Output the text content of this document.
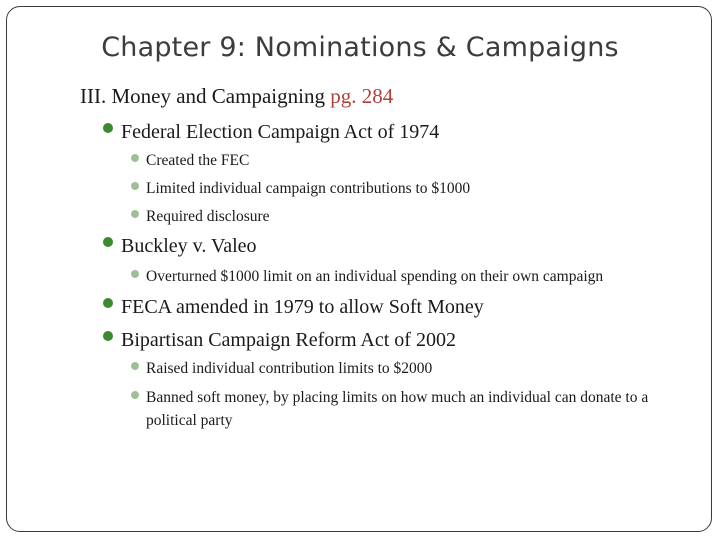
Chapter 9: Nominations & Campaigns
III. Money and Campaigning pg. 284
Federal Election Campaign Act of 1974
Created the FEC
Limited individual campaign contributions to $1000
Required disclosure
Buckley v. Valeo
Overturned $1000 limit on an individual spending on their own campaign
FECA amended in 1979 to allow Soft Money
Bipartisan Campaign Reform Act of 2002
Raised individual contribution limits to $2000
Banned soft money, by placing limits on how much an individual can donate to a political party
